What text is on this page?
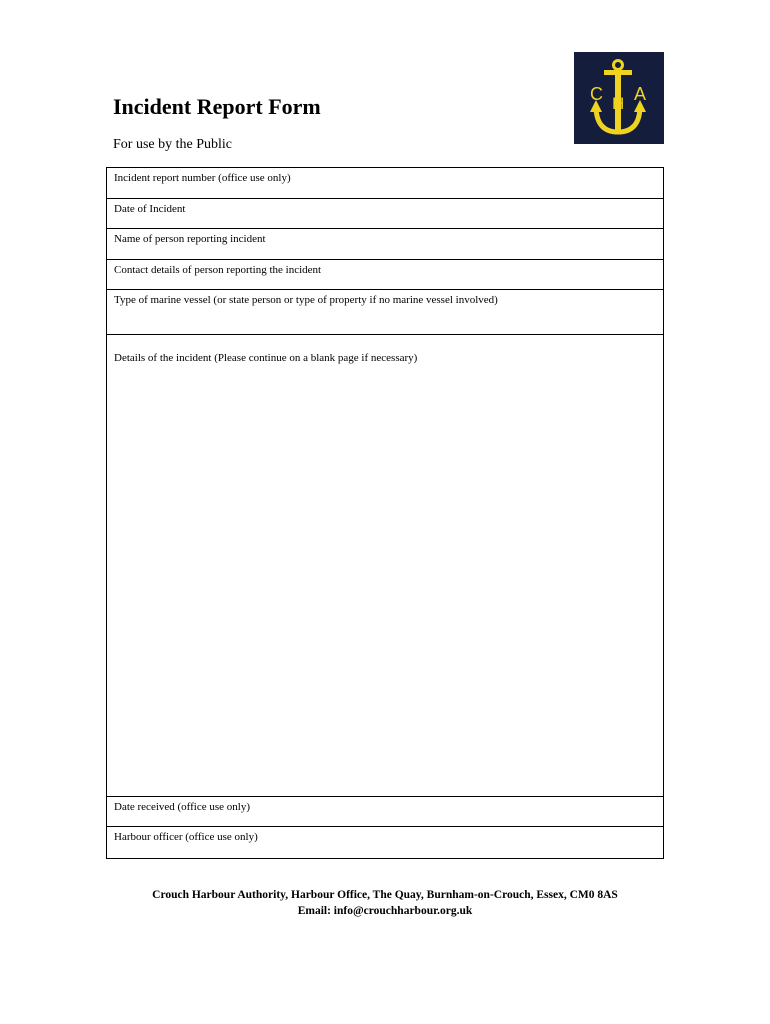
C H A
Incident Report Form
For use by the Public
Incident report number (office use only)
Date of Incident
Name of person reporting incident
Contact details of person reporting the incident
Type of marine vessel (or state person or type of property if no marine vessel involved)
Details of the incident (Please continue on a blank page if necessary)
Date received (office use only)
Harbour officer (office use only)
Crouch Harbour Authority, Harbour Office, The Quay, Burnham-on-Crouch, Essex, CM0 8AS
Email: info@crouchharbour.org.uk
